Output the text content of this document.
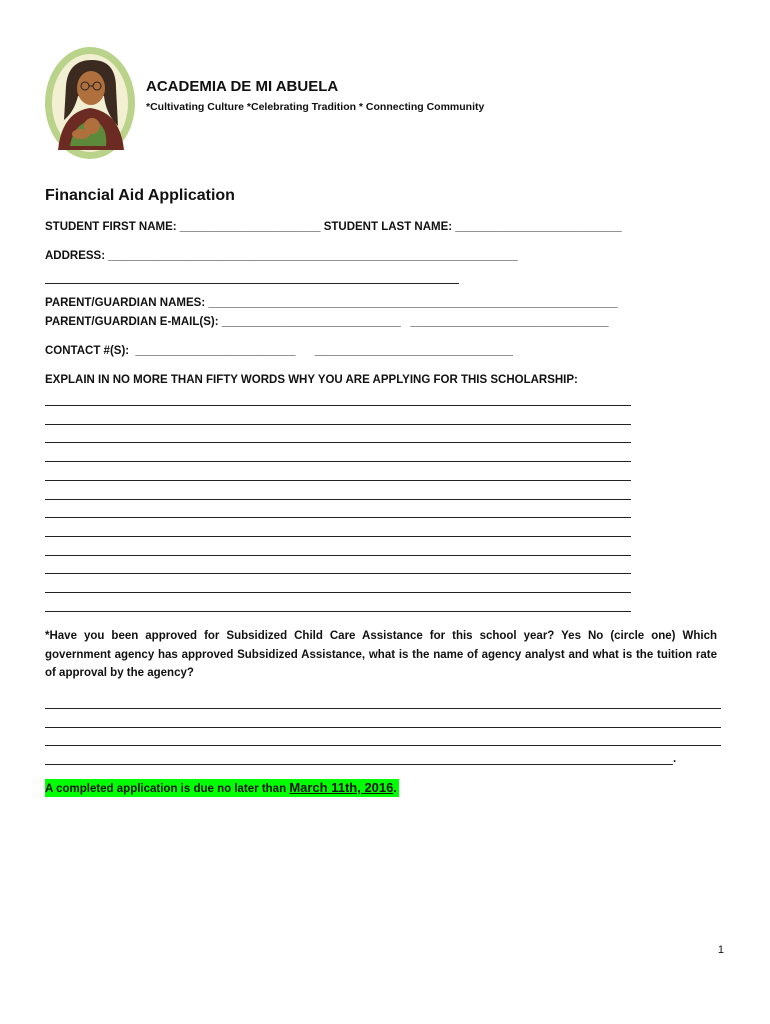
ACADEMIA DE MI ABUELA
*Cultivating Culture *Celebrating Tradition * Connecting Community
Financial Aid Application
STUDENT FIRST NAME: ______________________ STUDENT LAST NAME: __________________________
ADDRESS: ________________________________________________________________
PARENT/GUARDIAN NAMES: ________________________________________________________________
PARENT/GUARDIAN E-MAIL(S): ____________________________   _______________________________
CONTACT #(S):  _________________________      _______________________________
EXPLAIN IN NO MORE THAN FIFTY WORDS WHY YOU ARE APPLYING FOR THIS SCHOLARSHIP:
*Have you been approved for Subsidized Child Care Assistance for this school year? Yes No (circle one) Which government agency has approved Subsidized Assistance, what is the name of agency analyst and what is the tuition rate of approval by the agency?
.
A completed application is due no later than March 11th, 2016.
1
